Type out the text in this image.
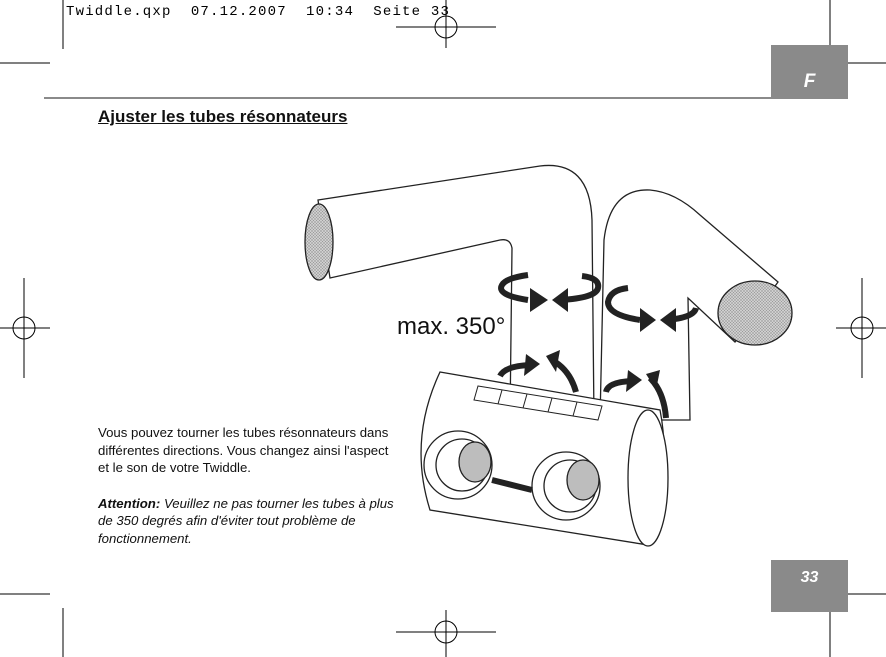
Twiddle.qxp  07.12.2007  10:34  Seite 33
F
Ajuster les tubes résonnateurs
max. 350°

Vous pouvez tourner les tubes résonnateurs dans différentes directions. Vous changez ainsi l'aspect et le son de votre Twiddle.

Attention: Veuillez ne pas tourner les tubes à plus de 350 degrés afin d'éviter tout problème de fonctionnement.

33
